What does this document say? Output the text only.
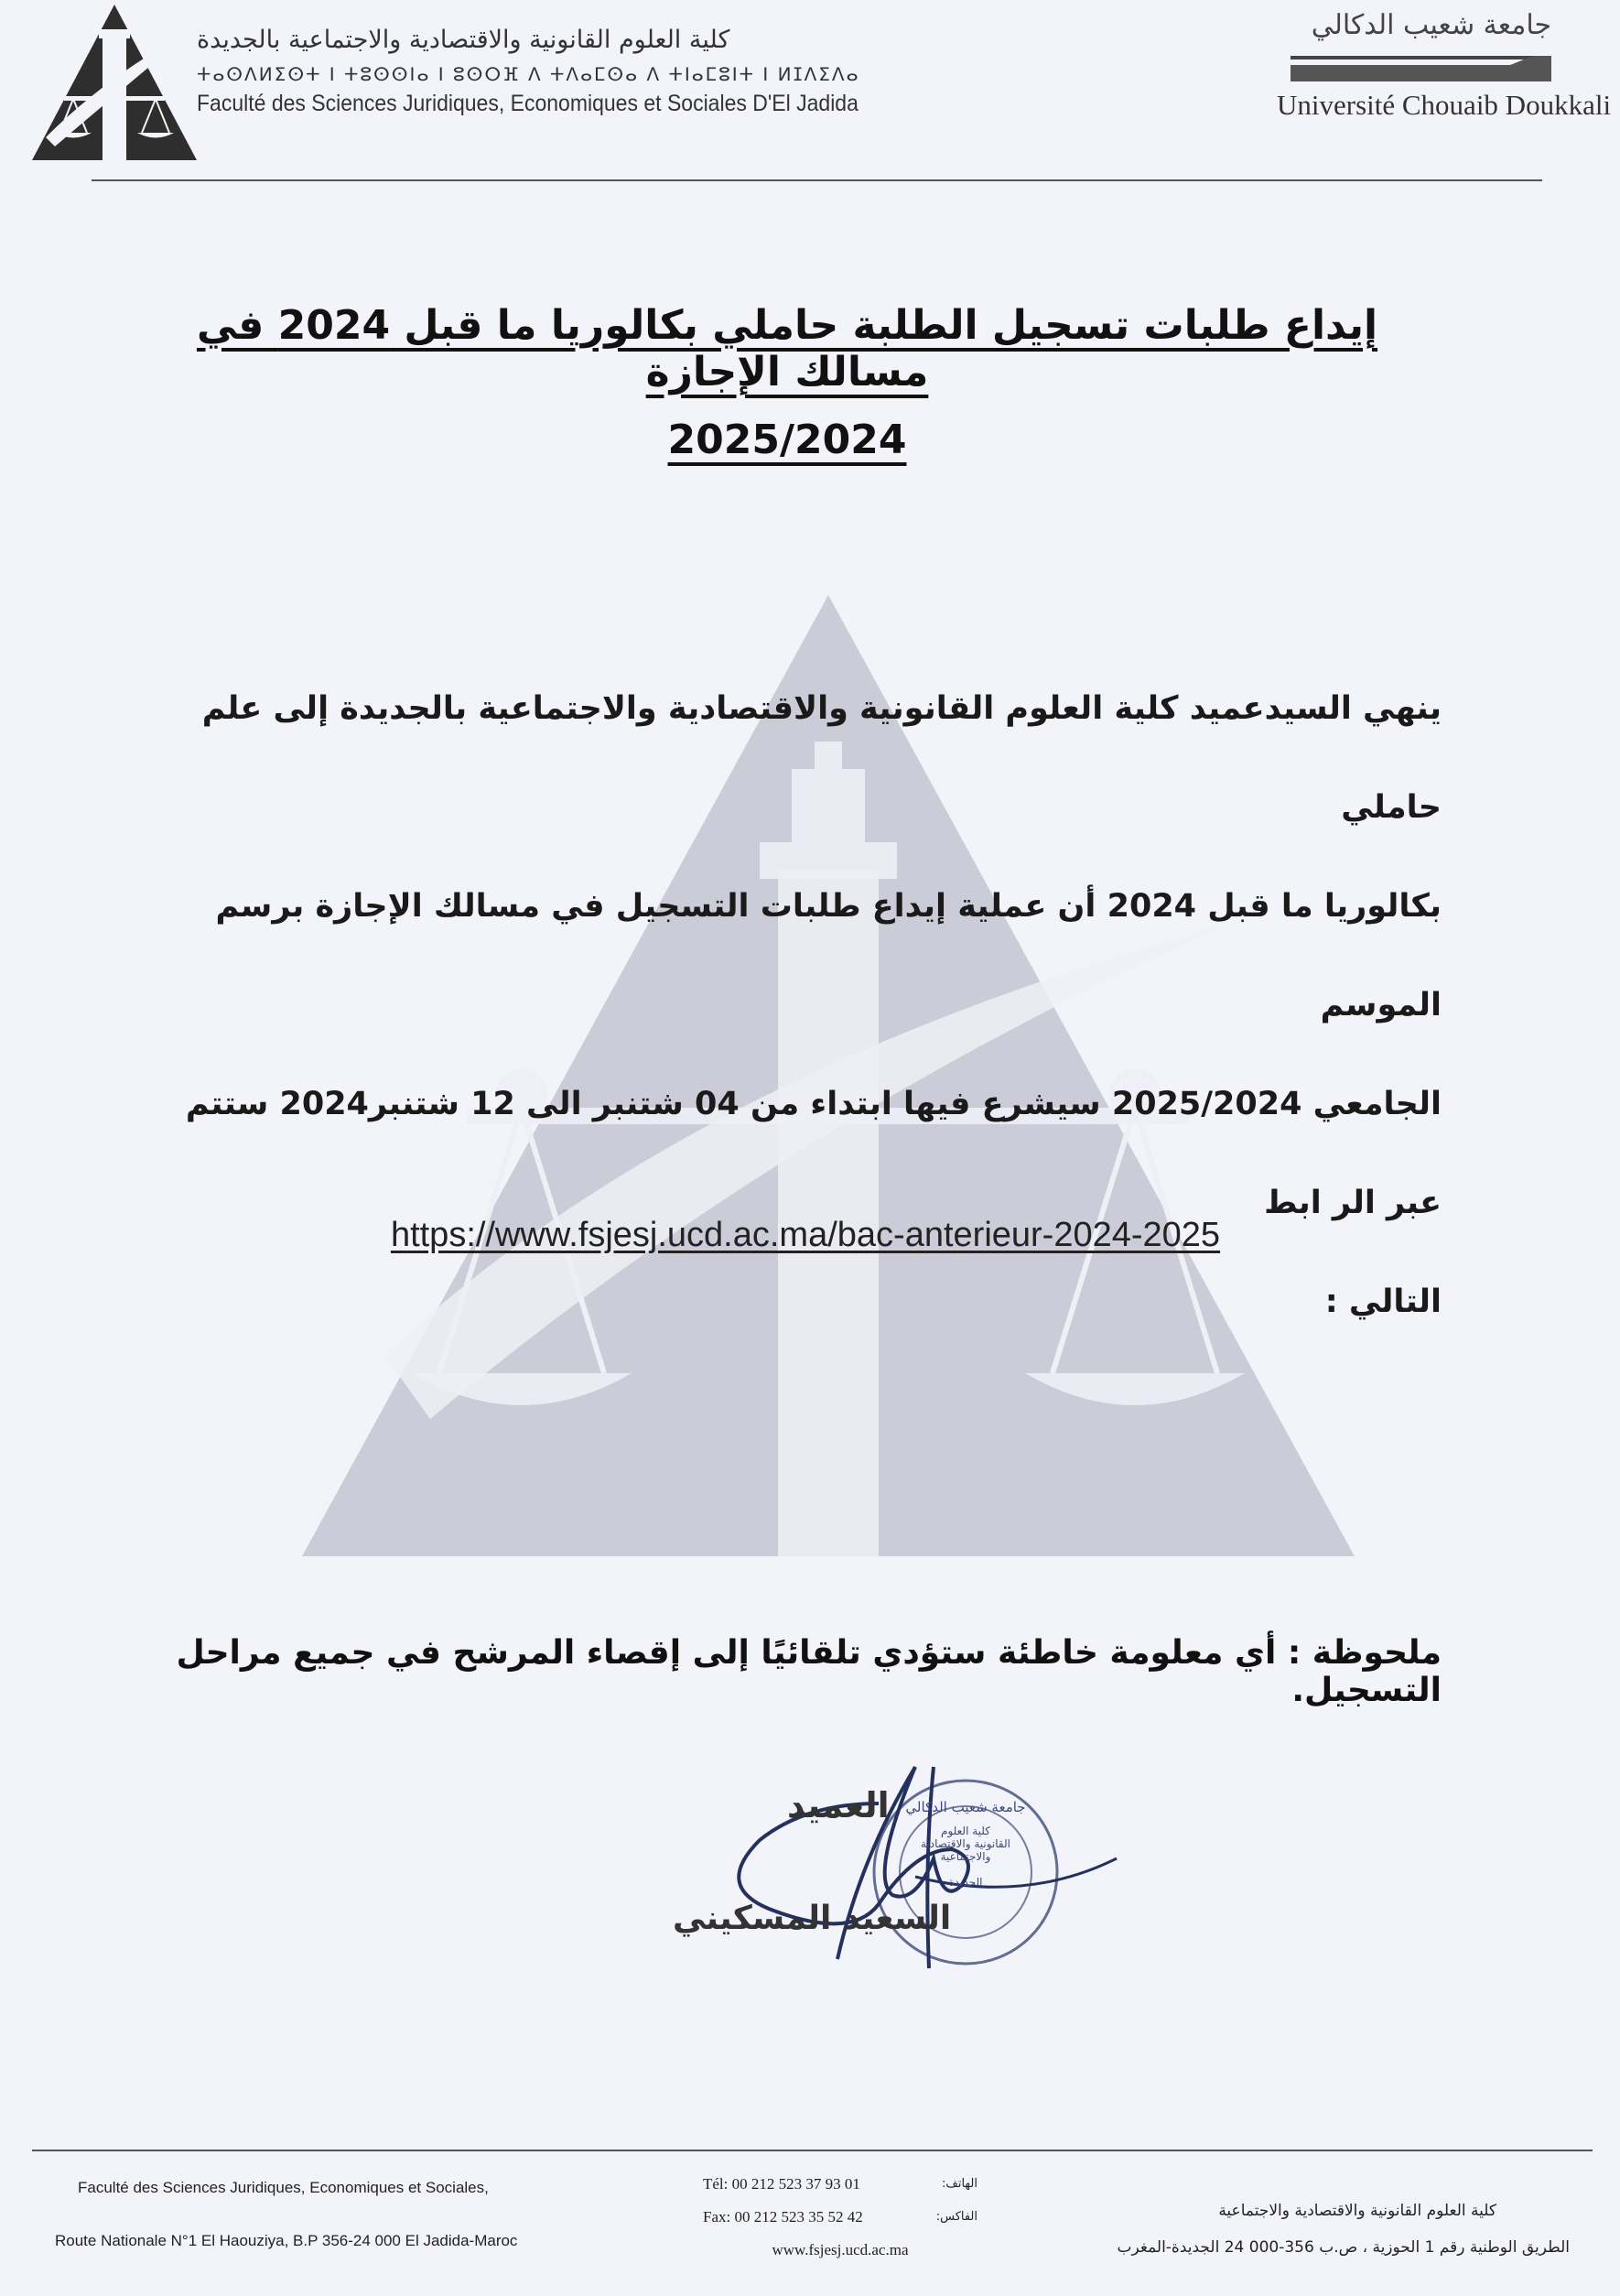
كلية العلوم القانونية والاقتصادية والاجتماعية بالجديدة
ⵜⴰⵙⴷⵍⵉⵙⵜ ⵏ ⵜⵓⵙⵙⵏⴰ ⵏ ⵓⵙⵔⴼ ⴷ ⵜⴷⴰⵎⵙⴰ ⴷ ⵜⵏⴰⵎⵓⵏⵜ ⵏ ⵍⵊⴷⵉⴷⴰ
Faculté des Sciences Juridiques, Economiques et Sociales D'El Jadida
جامعة شعيب الدكالي
Université Chouaib Doukkali
إيداع طلبات تسجيل الطلبة حاملي بكالوريا ما قبل 2024 في مسالك الإجازة
2025/2024
ينهي السيدعميد كلية العلوم القانونية والاقتصادية والاجتماعية بالجديدة إلى علم حاملي
بكالوريا ما قبل 2024 أن عملية إيداع طلبات التسجيل في مسالك الإجازة برسم الموسم
الجامعي 2025/2024 سيشرع فيها ابتداء من 04 شتنبر الى 12 شتنبر2024 ستتم عبر الر ابط
التالي :
https://www.fsjesj.ucd.ac.ma/bac-anterieur-2024-2025
ملحوظة : أي معلومة خاطئة ستؤدي تلقائيًا إلى إقصاء المرشح في جميع مراحل التسجيل.
جامعة شعيب الدكالي
كلية العلوم
القانونية والاقتصادية
والاجتماعية
الجديدة
العميد
السعيد المسكيني
Faculté des Sciences Juridiques, Economiques et Sociales,
Route Nationale N°1 El Haouziya, B.P 356-24 000 El Jadida-Maroc
Tél: 00 212 523 37 93 01	الهاتف:
Fax: 00 212 523 35 52 42	الفاكس:
www.fsjesj.ucd.ac.ma
كلية العلوم القانونية والاقتصادية والاجتماعية
الطريق الوطنية رقم 1 الحوزية ، ص.ب 356-000 24 الجديدة-المغرب
